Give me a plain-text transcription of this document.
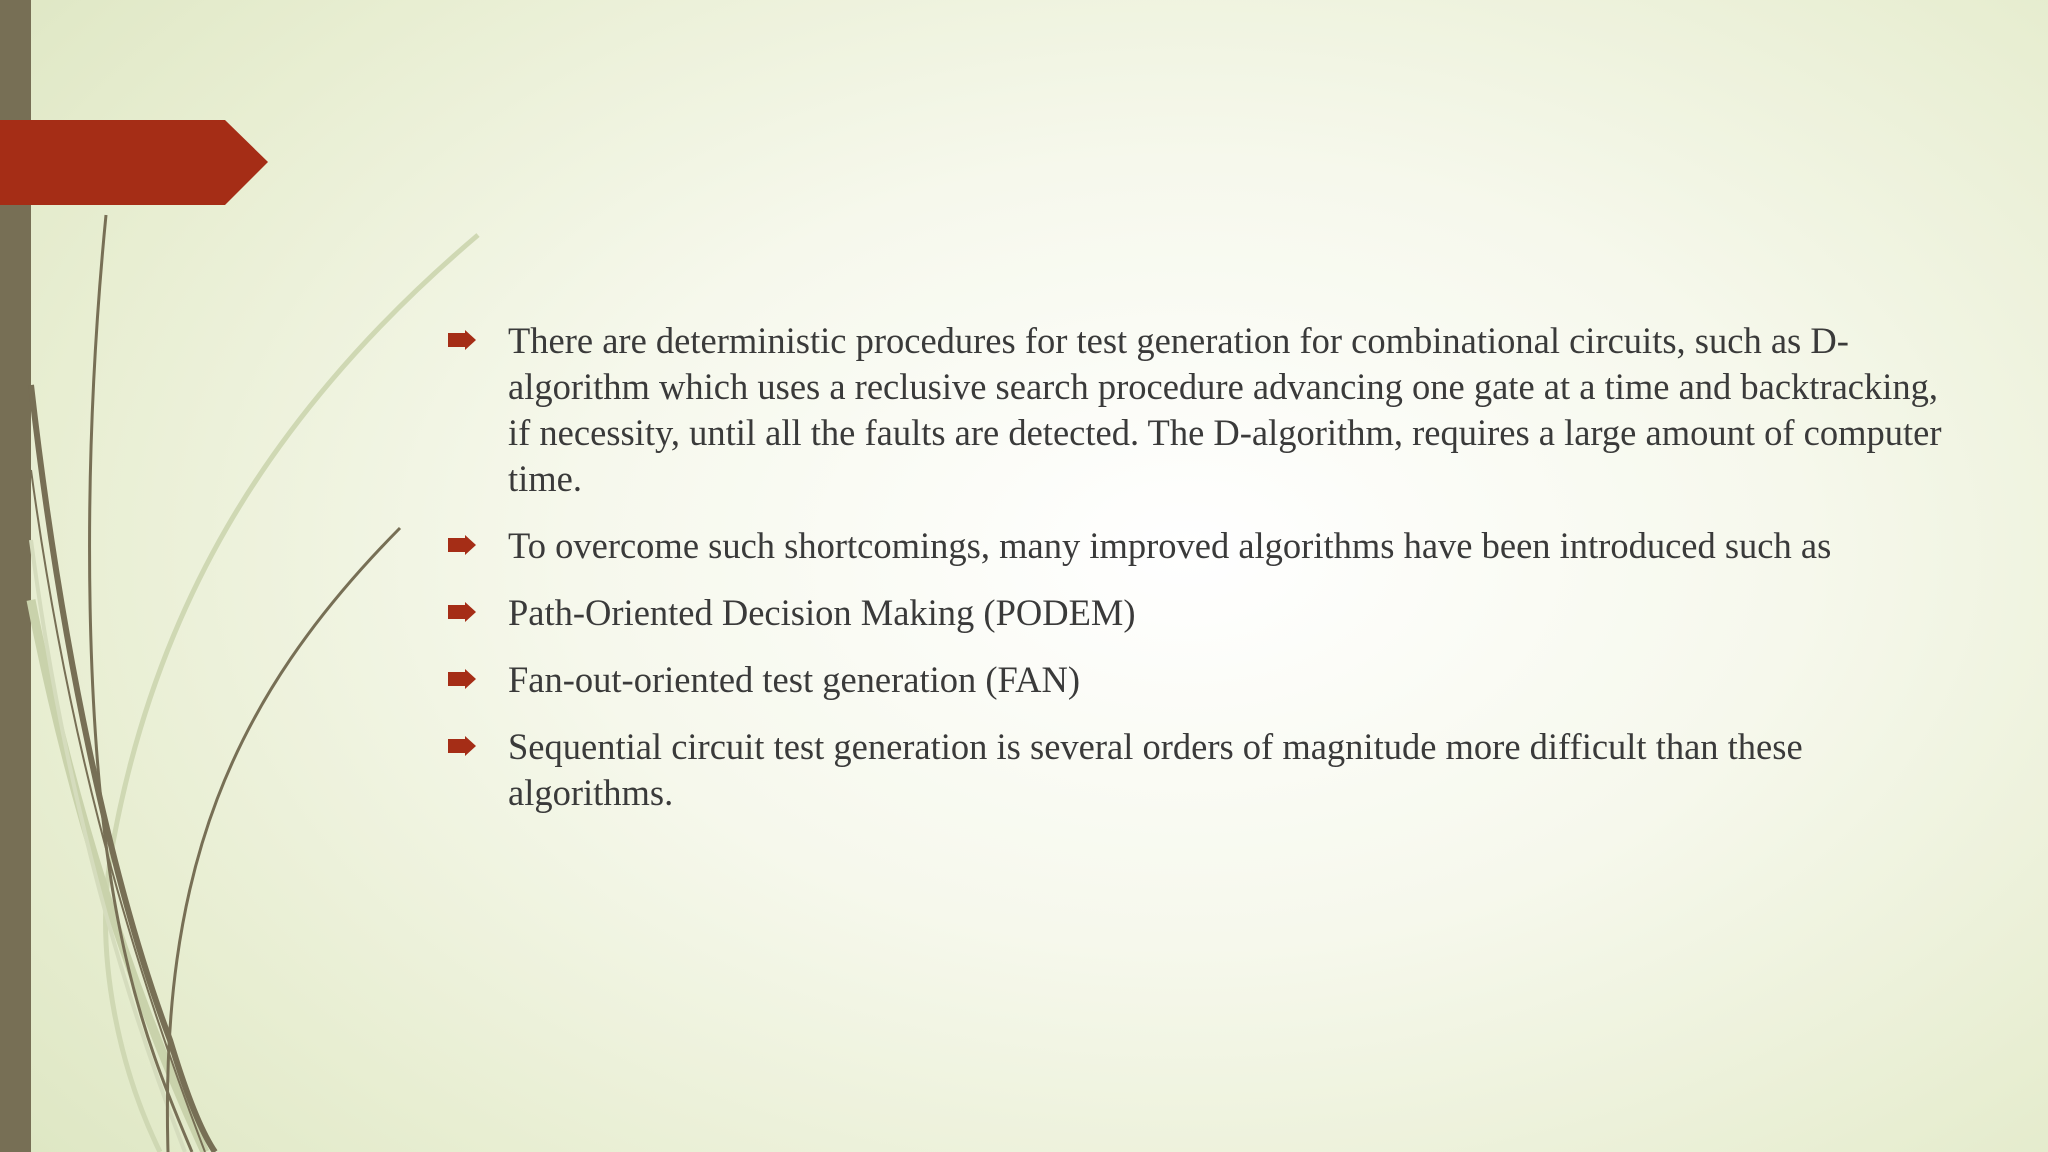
There are deterministic procedures for test generation for combinational circuits, such as D-algorithm which uses a reclusive search procedure advancing one gate at a time and backtracking, if necessity, until all the faults are detected. The D-algorithm, requires a large amount of computer time.
To overcome such shortcomings, many improved algorithms have been introduced such as
Path-Oriented Decision Making (PODEM)
Fan-out-oriented test generation (FAN)
Sequential circuit test generation is several orders of magnitude more difficult than these algorithms.
